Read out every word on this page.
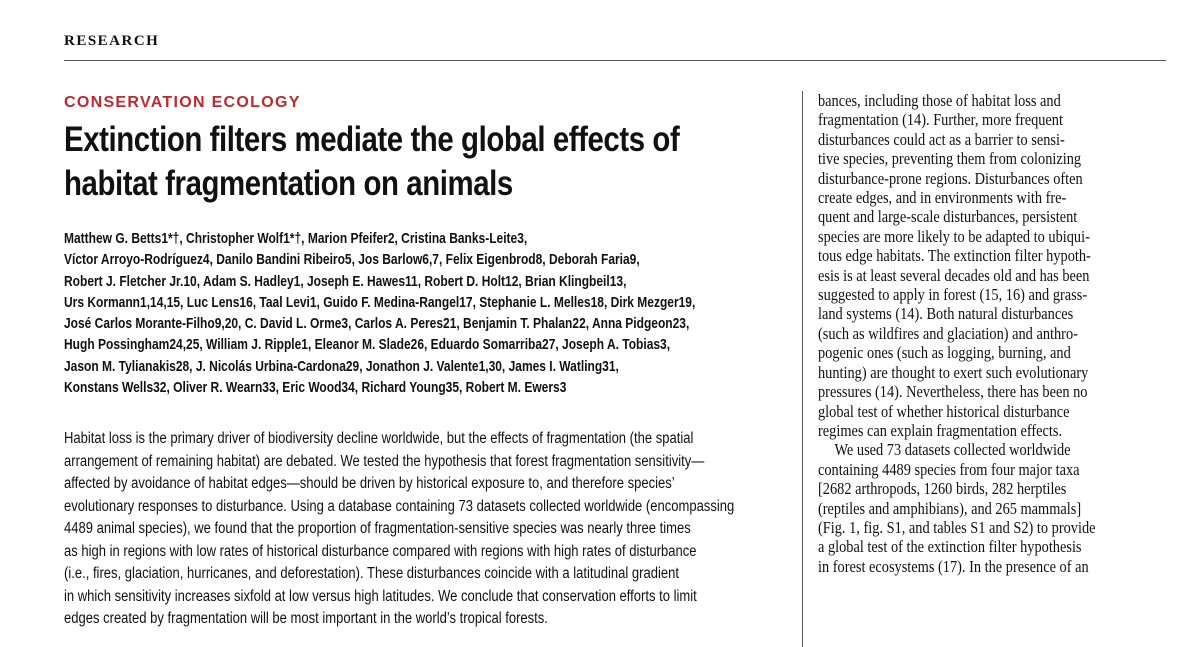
RESEARCH
CONSERVATION ECOLOGY
Extinction filters mediate the global effects of
habitat fragmentation on animals
Matthew G. Betts1*†, Christopher Wolf1*†, Marion Pfeifer2, Cristina Banks-Leite3,
Víctor Arroyo-Rodríguez4, Danilo Bandini Ribeiro5, Jos Barlow6,7, Felix Eigenbrod8, Deborah Faria9,
Robert J. Fletcher Jr.10, Adam S. Hadley1, Joseph E. Hawes11, Robert D. Holt12, Brian Klingbeil13,
Urs Kormann1,14,15, Luc Lens16, Taal Levi1, Guido F. Medina-Rangel17, Stephanie L. Melles18, Dirk Mezger19,
José Carlos Morante-Filho9,20, C. David L. Orme3, Carlos A. Peres21, Benjamin T. Phalan22, Anna Pidgeon23,
Hugh Possingham24,25, William J. Ripple1, Eleanor M. Slade26, Eduardo Somarriba27, Joseph A. Tobias3,
Jason M. Tylianakis28, J. Nicolás Urbina-Cardona29, Jonathon J. Valente1,30, James I. Watling31,
Konstans Wells32, Oliver R. Wearn33, Eric Wood34, Richard Young35, Robert M. Ewers3
Habitat loss is the primary driver of biodiversity decline worldwide, but the effects of fragmentation (the spatial
arrangement of remaining habitat) are debated. We tested the hypothesis that forest fragmentation sensitivity—
affected by avoidance of habitat edges—should be driven by historical exposure to, and therefore species’
evolutionary responses to disturbance. Using a database containing 73 datasets collected worldwide (encompassing
4489 animal species), we found that the proportion of fragmentation-sensitive species was nearly three times
as high in regions with low rates of historical disturbance compared with regions with high rates of disturbance
(i.e., fires, glaciation, hurricanes, and deforestation). These disturbances coincide with a latitudinal gradient
in which sensitivity increases sixfold at low versus high latitudes. We conclude that conservation efforts to limit
edges created by fragmentation will be most important in the world’s tropical forests.
bances, including those of habitat loss and
fragmentation (14). Further, more frequent
disturbances could act as a barrier to sensi-
tive species, preventing them from colonizing
disturbance-prone regions. Disturbances often
create edges, and in environments with fre-
quent and large-scale disturbances, persistent
species are more likely to be adapted to ubiqui-
tous edge habitats. The extinction filter hypoth-
esis is at least several decades old and has been
suggested to apply in forest (15, 16) and grass-
land systems (14). Both natural disturbances
(such as wildfires and glaciation) and anthro-
pogenic ones (such as logging, burning, and
hunting) are thought to exert such evolutionary
pressures (14). Nevertheless, there has been no
global test of whether historical disturbance
regimes can explain fragmentation effects.
We used 73 datasets collected worldwide
containing 4489 species from four major taxa
[2682 arthropods, 1260 birds, 282 herptiles
(reptiles and amphibians), and 265 mammals]
(Fig. 1, fig. S1, and tables S1 and S2) to provide
a global test of the extinction filter hypothesis
in forest ecosystems (17). In the presence of an
